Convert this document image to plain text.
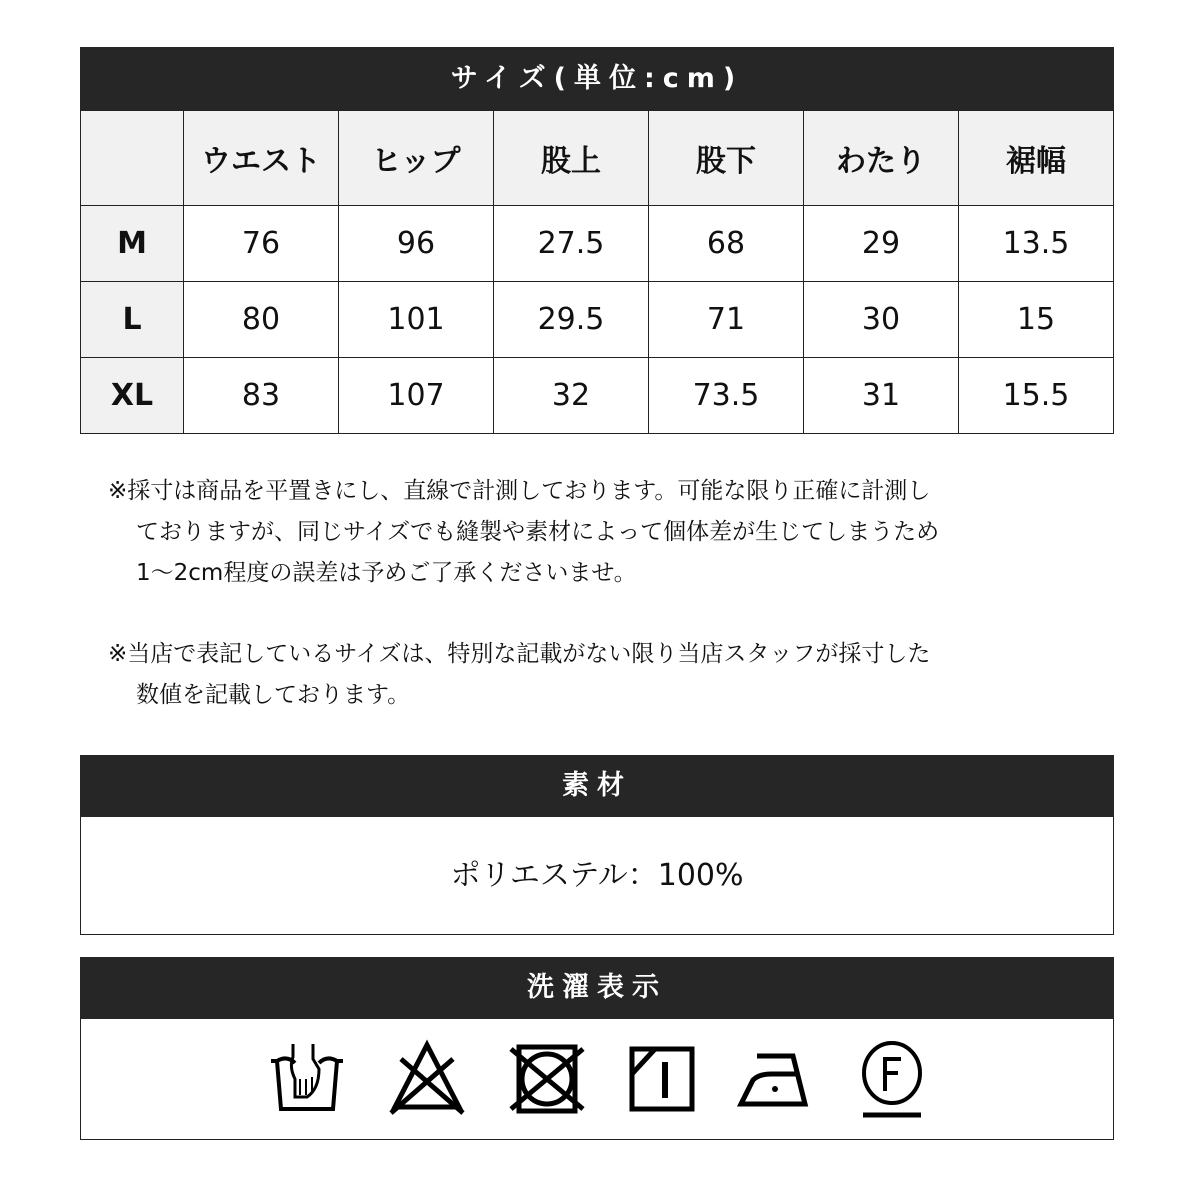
サイズ(単位:cm)
	ウエスト	ヒップ	股上	股下	わたり	裾幅
M	76	96	27.5	68	29	13.5
L	80	101	29.5	71	30	15
XL	83	107	32	73.5	31	15.5
※採寸は商品を平置きにし、直線で計測しております。可能な限り正確に計測し
ておりますが、同じサイズでも縫製や素材によって個体差が生じてしまうため
1〜2cm程度の誤差は予めご了承くださいませ。
※当店で表記しているサイズは、特別な記載がない限り当店スタッフが採寸した
数値を記載しております。
素材
ポリエステル：100%
洗濯表示
